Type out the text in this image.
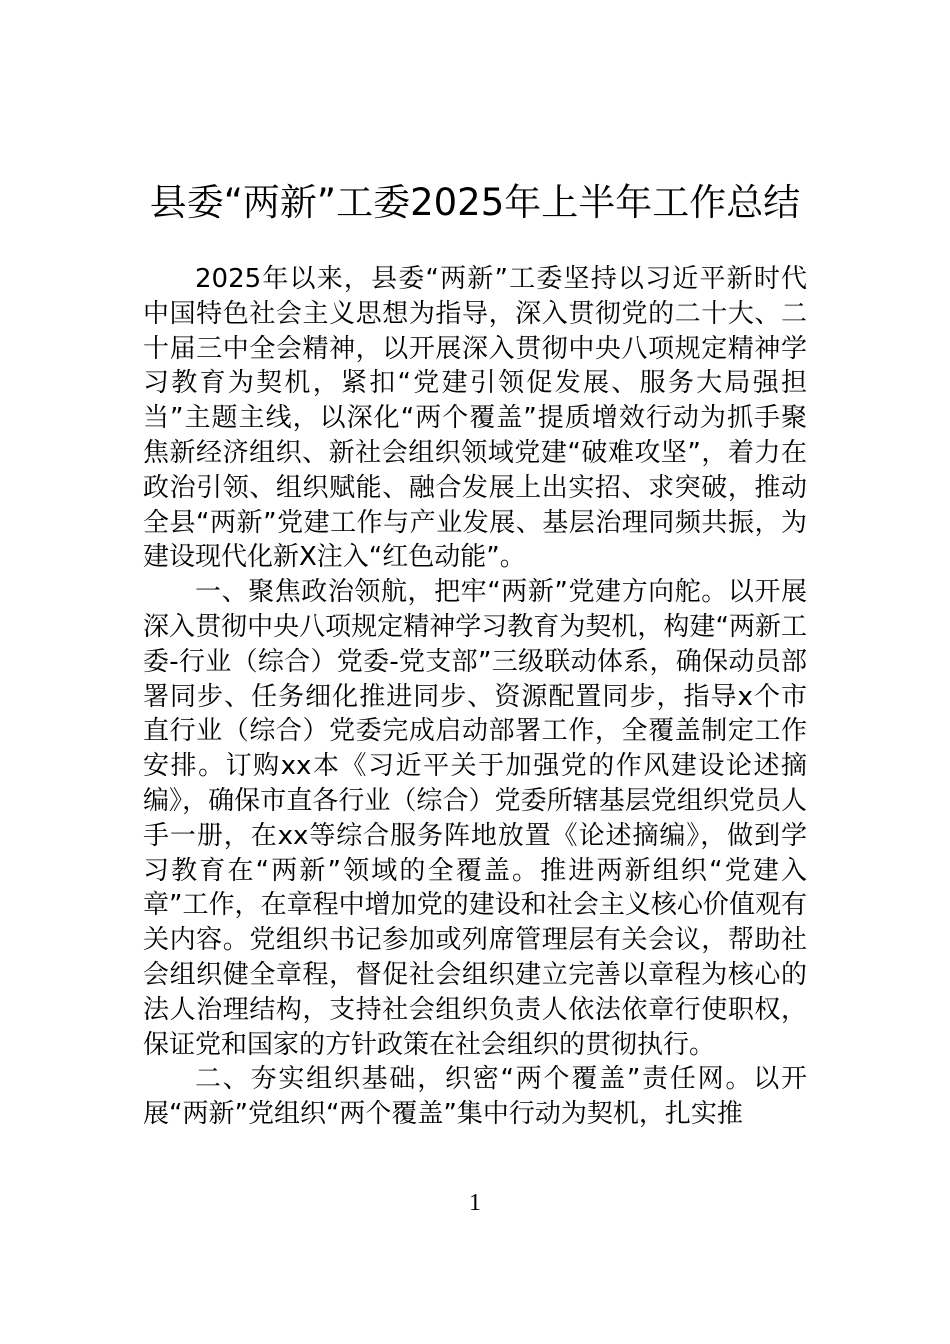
县委“两新”工委2025年上半年工作总结

2025年以来，县委“两新”工委坚持以习近平新时代中国特色社会主义思想为指导，深入贯彻党的二十大、二十届三中全会精神，以开展深入贯彻中央八项规定精神学习教育为契机，紧扣“党建引领促发展、服务大局强担当”主题主线，以深化“两个覆盖”提质增效行动为抓手聚焦新经济组织、新社会组织领域党建“破难攻坚”，着力在政治引领、组织赋能、融合发展上出实招、求突破，推动全县“两新”党建工作与产业发展、基层治理同频共振，为建设现代化新X注入“红色动能”。

一、聚焦政治领航，把牢“两新”党建方向舵。以开展深入贯彻中央八项规定精神学习教育为契机，构建“两新工委-行业（综合）党委-党支部”三级联动体系，确保动员部署同步、任务细化推进同步、资源配置同步，指导x个市直行业（综合）党委完成启动部署工作，全覆盖制定工作安排。订购xx本《习近平关于加强党的作风建设论述摘编》，确保市直各行业（综合）党委所辖基层党组织党员人手一册，在xx等综合服务阵地放置《论述摘编》，做到学习教育在“两新”领域的全覆盖。推进两新组织“党建入章”工作，在章程中增加党的建设和社会主义核心价值观有关内容。党组织书记参加或列席管理层有关会议，帮助社会组织健全章程，督促社会组织建立完善以章程为核心的法人治理结构，支持社会组织负责人依法依章行使职权，保证党和国家的方针政策在社会组织的贯彻执行。

二、夯实组织基础，织密“两个覆盖”责任网。以开展“两新”党组织“两个覆盖”集中行动为契机，扎实推

1
